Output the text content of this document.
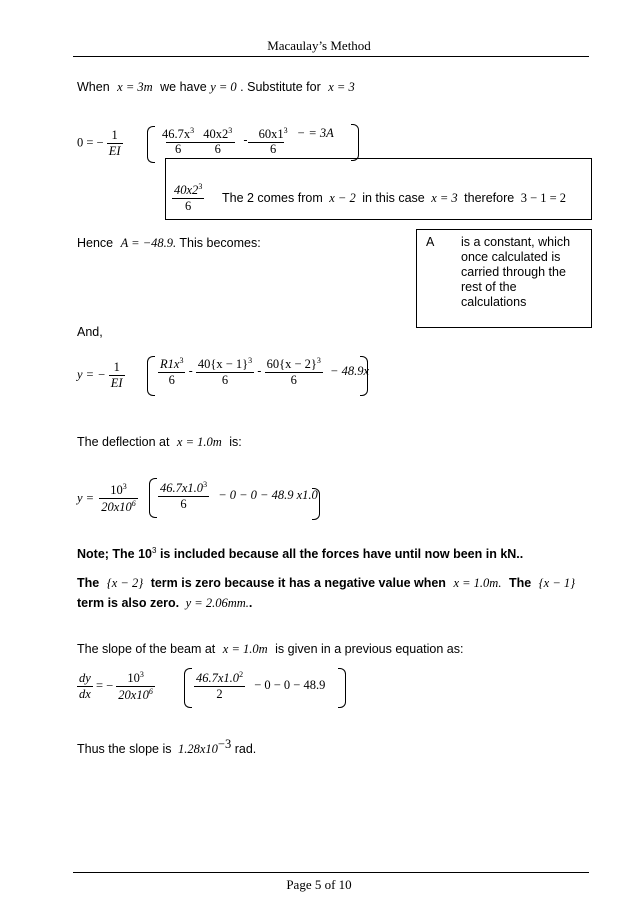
Macaulay’s Method
When x = 3m we have y = 0 . Substitute for x = 3
0 = − $\frac{1}{EI}$	$46.7x^3$
6

$40x2^3$
6
- $60x1^3$
6
− = 3A
$\frac{40x2^3}{6}$ The 2 comes from x − 2 in this case x = 3 therefore 3 − 1 = 2
A is a constant, which once calculated is carried through the rest of the calculations
Hence A = −48.9. This becomes:
And,
y = − $\frac{1}{EI}$	$\frac{R1x^3}{6} - \frac{40\{x - 1\}^3}{6} - \frac{60\{x - 2\}^3}{6} - 48.9x$
The deflection at x = 1.0m is:
$y = \frac{10^3}{20x10^6} \frac{46.7x1.0^3}{6} - 0 - 0 - 48.9$ x1.0
Note; The $10^3$ is included because all the forces have until now been in kN..
The {x − 2} term is zero because it has a negative value when x = 1.0m. The {x − 1}
term is also zero. y = 2.06mm..
The slope of the beam at x = 1.0m is given in a previous equation as:
$\frac{dy}{dx}$ = − $\frac{10^3}{20x10^6}$	$\frac{46.7x1.0^2}{2} - 0 - 0 - 48.9$
Thus the slope is $1.28x10^{-3}$ rad.
Page 5 of 10
